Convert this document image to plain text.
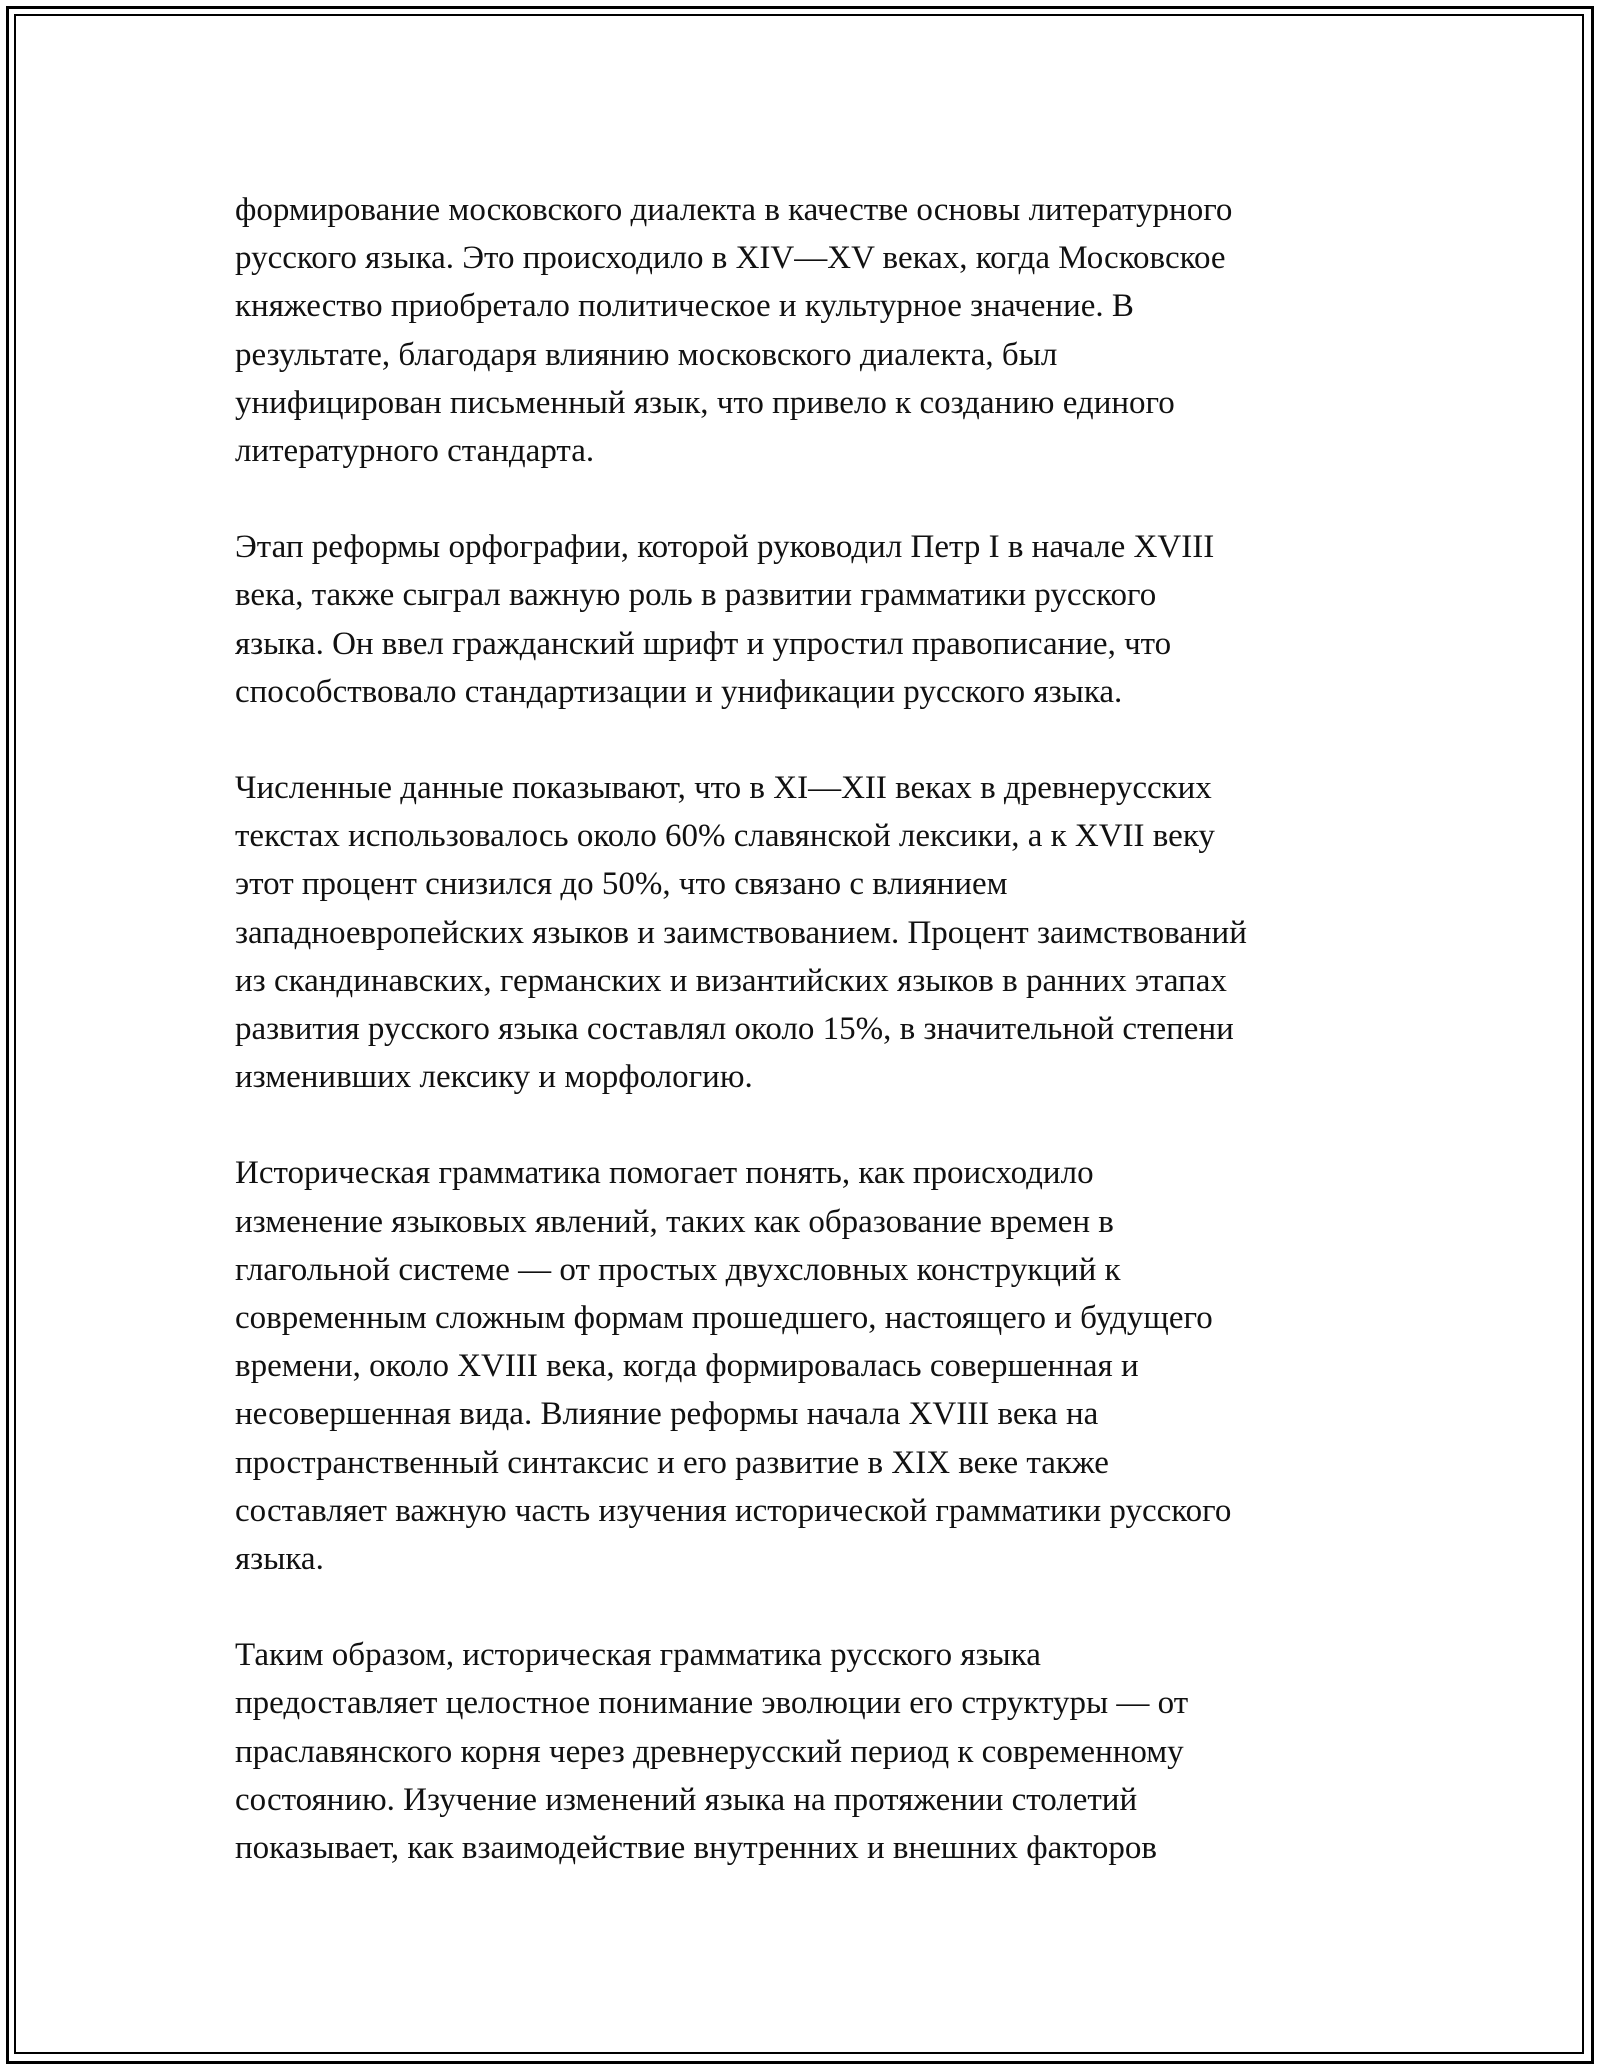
формирование московского диалекта в качестве основы литературного
русского языка. Это происходило в XIV—XV веках, когда Московское
княжество приобретало политическое и культурное значение. В
результате, благодаря влиянию московского диалекта, был
унифицирован письменный язык, что привело к созданию единого
литературного стандарта.

Этап реформы орфографии, которой руководил Петр I в начале XVIII
века, также сыграл важную роль в развитии грамматики русского
языка. Он ввел гражданский шрифт и упростил правописание, что
способствовало стандартизации и унификации русского языка.

Численные данные показывают, что в XI—XII веках в древнерусских
текстах использовалось около 60% славянской лексики, а к XVII веку
этот процент снизился до 50%, что связано с влиянием
западноевропейских языков и заимствованием. Процент заимствований
из скандинавских, германских и византийских языков в ранних этапах
развития русского языка составлял около 15%, в значительной степени
изменивших лексику и морфологию.

Историческая грамматика помогает понять, как происходило
изменение языковых явлений, таких как образование времен в
глагольной системе — от простых двухсловных конструкций к
современным сложным формам прошедшего, настоящего и будущего
времени, около XVIII века, когда формировалась совершенная и
несовершенная вида. Влияние реформы начала XVIII века на
пространственный синтаксис и его развитие в XIX веке также
составляет важную часть изучения исторической грамматики русского
языка.

Таким образом, историческая грамматика русского языка
предоставляет целостное понимание эволюции его структуры — от
праславянского корня через древнерусский период к современному
состоянию. Изучение изменений языка на протяжении столетий
показывает, как взаимодействие внутренних и внешних факторов
